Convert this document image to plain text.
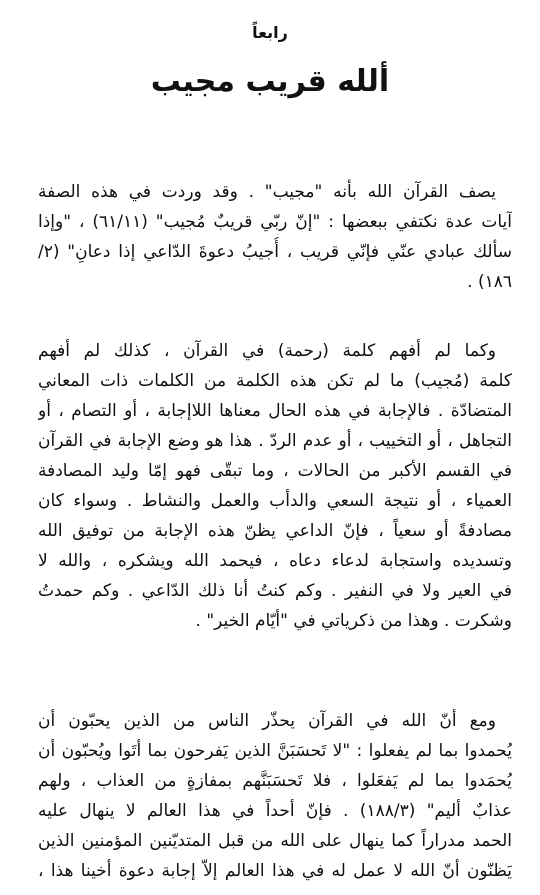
رابعاً
ألله قريب مجيب
يصف القرآن الله بأنه "مجيب" . وقد وردت في هذه الصفة
آيات عدة نكتفي ببعضها : "إنّ ربّي قريبٌ مُجيب" (٦١/١١) ، "وإذا
سألك عبادي عنّي فإنّي قريب ، أُجيبُ دعوةَ الدّاعي إذا دعانِ" (٢/
١٨٦) .
وكما لم أفهم كلمة (رحمة) في القرآن ، كذلك لم أفهم
كلمة (مُجيب) ما لم تكن هذه الكلمة من الكلمات ذات المعاني
المتضادّة . فالإجابة في هذه الحال معناها اللاإجابة ، أو التصام ، أو
التجاهل ، أو التخييب ، أو عدم الردّ . هذا هو وضع الإجابة في القرآن
في القسم الأكبر من الحالات ، وما تبقّى فهو إمّا وليد المصادفة
العمياء ، أو نتيجة السعي والدأب والعمل والنشاط . وسواء كان
مصادفةً أو سعياً ، فإنّ الداعي يظنّ هذه الإجابة من توفيق الله
وتسديده واستجابة لدعاء دعاه ، فيحمد الله ويشكره ، والله لا
في العير ولا في النفير . وكم كنتُ أنا ذلك الدّاعي . وكم حمدتُ
وشكرت . وهذا من ذكرياتي في "أيّام الخير" .
ومع أنّ الله في القرآن يحذّر الناس من الذين يحبّون أن
يُحمدوا بما لم يفعلوا : "لا تَحسَبَنَّ الذين يَفرحون بما أتَوا ويُحبّون أن
يُحمَدوا بما لم يَفعَلوا ، فلا تَحسَبَنَّهم بمفازةٍ من العذاب ، ولهم
عذابٌ أليم" (١٨٨/٣) . فإنّ أحداً في هذا العالم لا ينهال عليه
الحمد مدراراً كما ينهال على الله من قبل المتديّنين المؤمنين الذين
يَظنّون أنّ الله لا عمل له في هذا العالم إلاّ إجابة دعوة أخينا هذا ،
